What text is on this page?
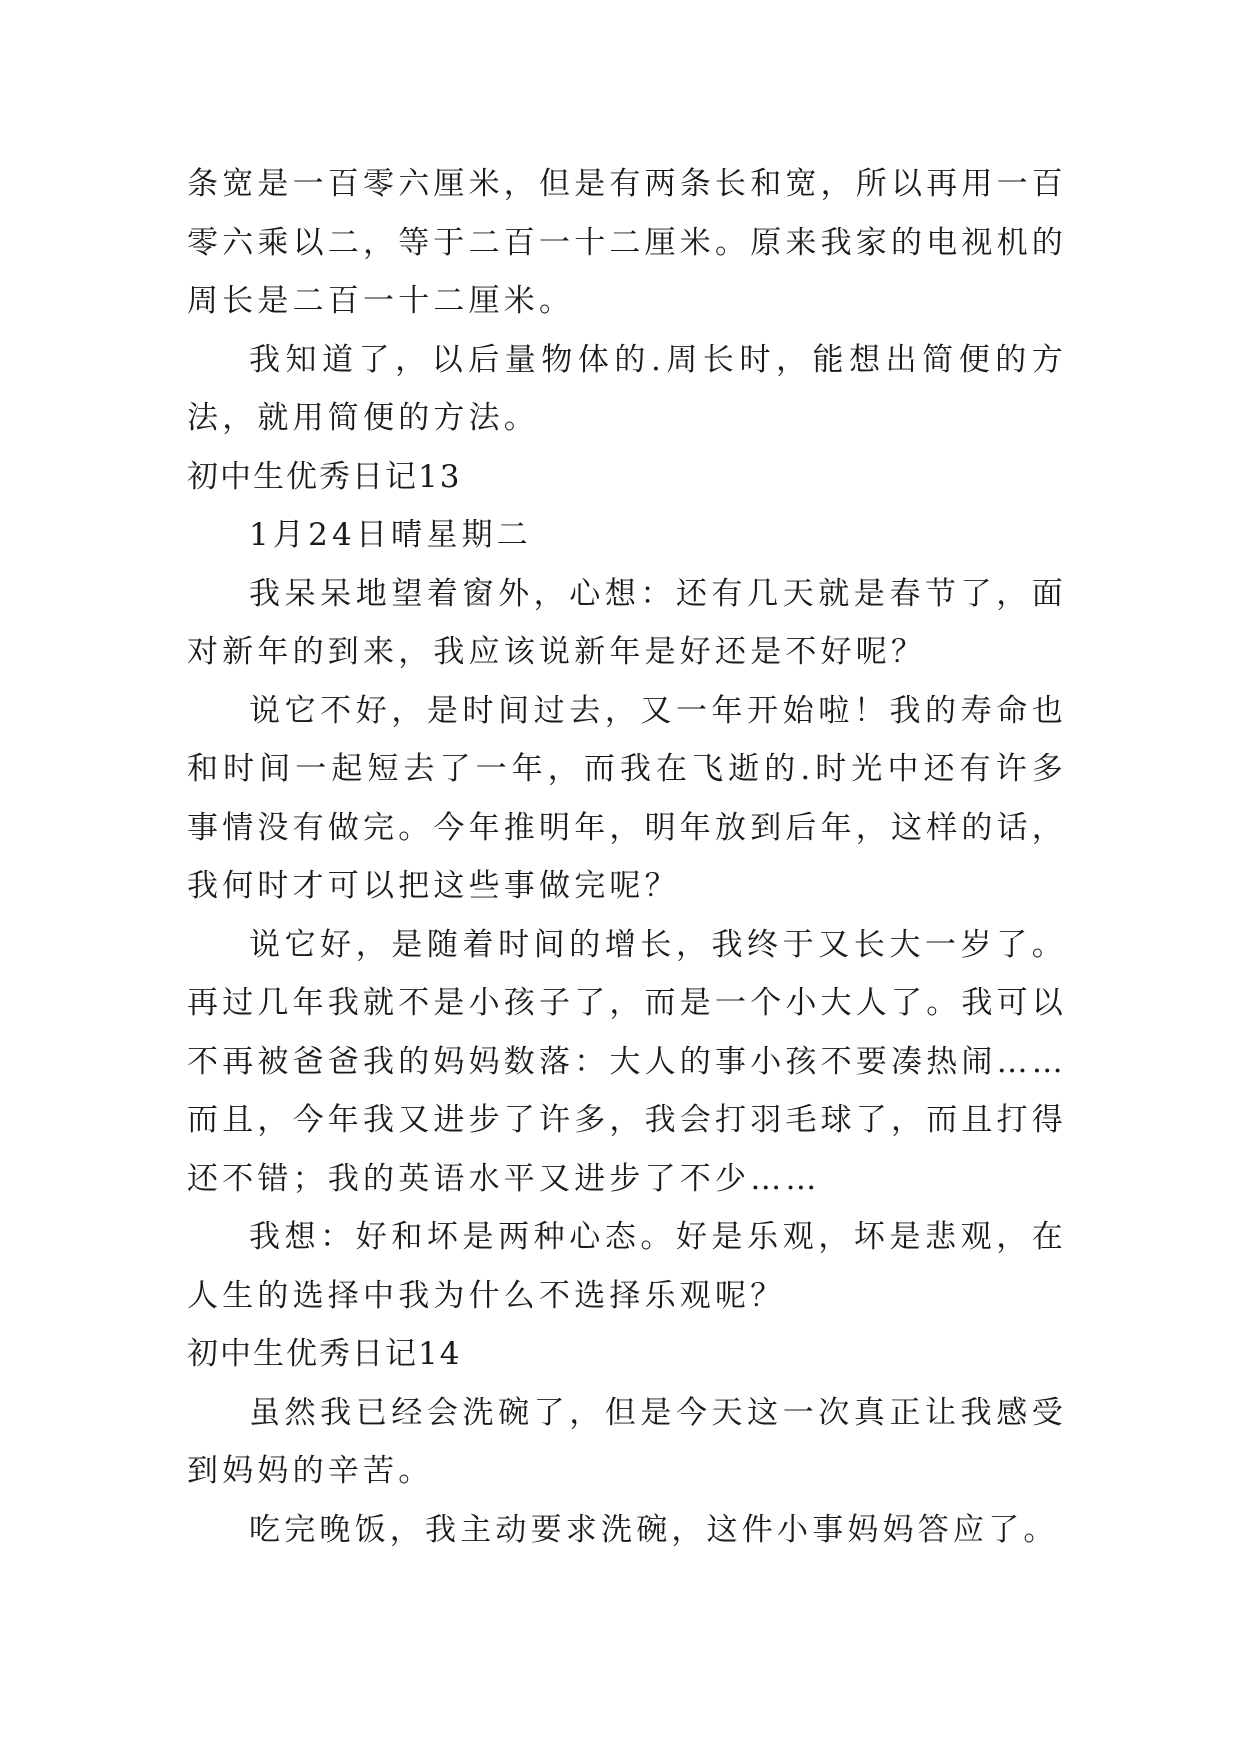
条宽是一百零六厘米，但是有两条长和宽，所以再用一百零六乘以二，等于二百一十二厘米。原来我家的电视机的周长是二百一十二厘米。

我知道了，以后量物体的.周长时，能想出简便的方法，就用简便的方法。

初中生优秀日记13

1月24日晴星期二

我呆呆地望着窗外，心想：还有几天就是春节了，面对新年的到来，我应该说新年是好还是不好呢？

说它不好，是时间过去，又一年开始啦！我的寿命也和时间一起短去了一年，而我在飞逝的.时光中还有许多事情没有做完。今年推明年，明年放到后年，这样的话，我何时才可以把这些事做完呢？

说它好，是随着时间的增长，我终于又长大一岁了。再过几年我就不是小孩子了，而是一个小大人了。我可以不再被爸爸我的妈妈数落：大人的事小孩不要凑热闹……而且，今年我又进步了许多，我会打羽毛球了，而且打得还不错；我的英语水平又进步了不少……

我想：好和坏是两种心态。好是乐观，坏是悲观，在人生的选择中我为什么不选择乐观呢？

初中生优秀日记14

虽然我已经会洗碗了，但是今天这一次真正让我感受到妈妈的辛苦。

吃完晚饭，我主动要求洗碗，这件小事妈妈答应了。
